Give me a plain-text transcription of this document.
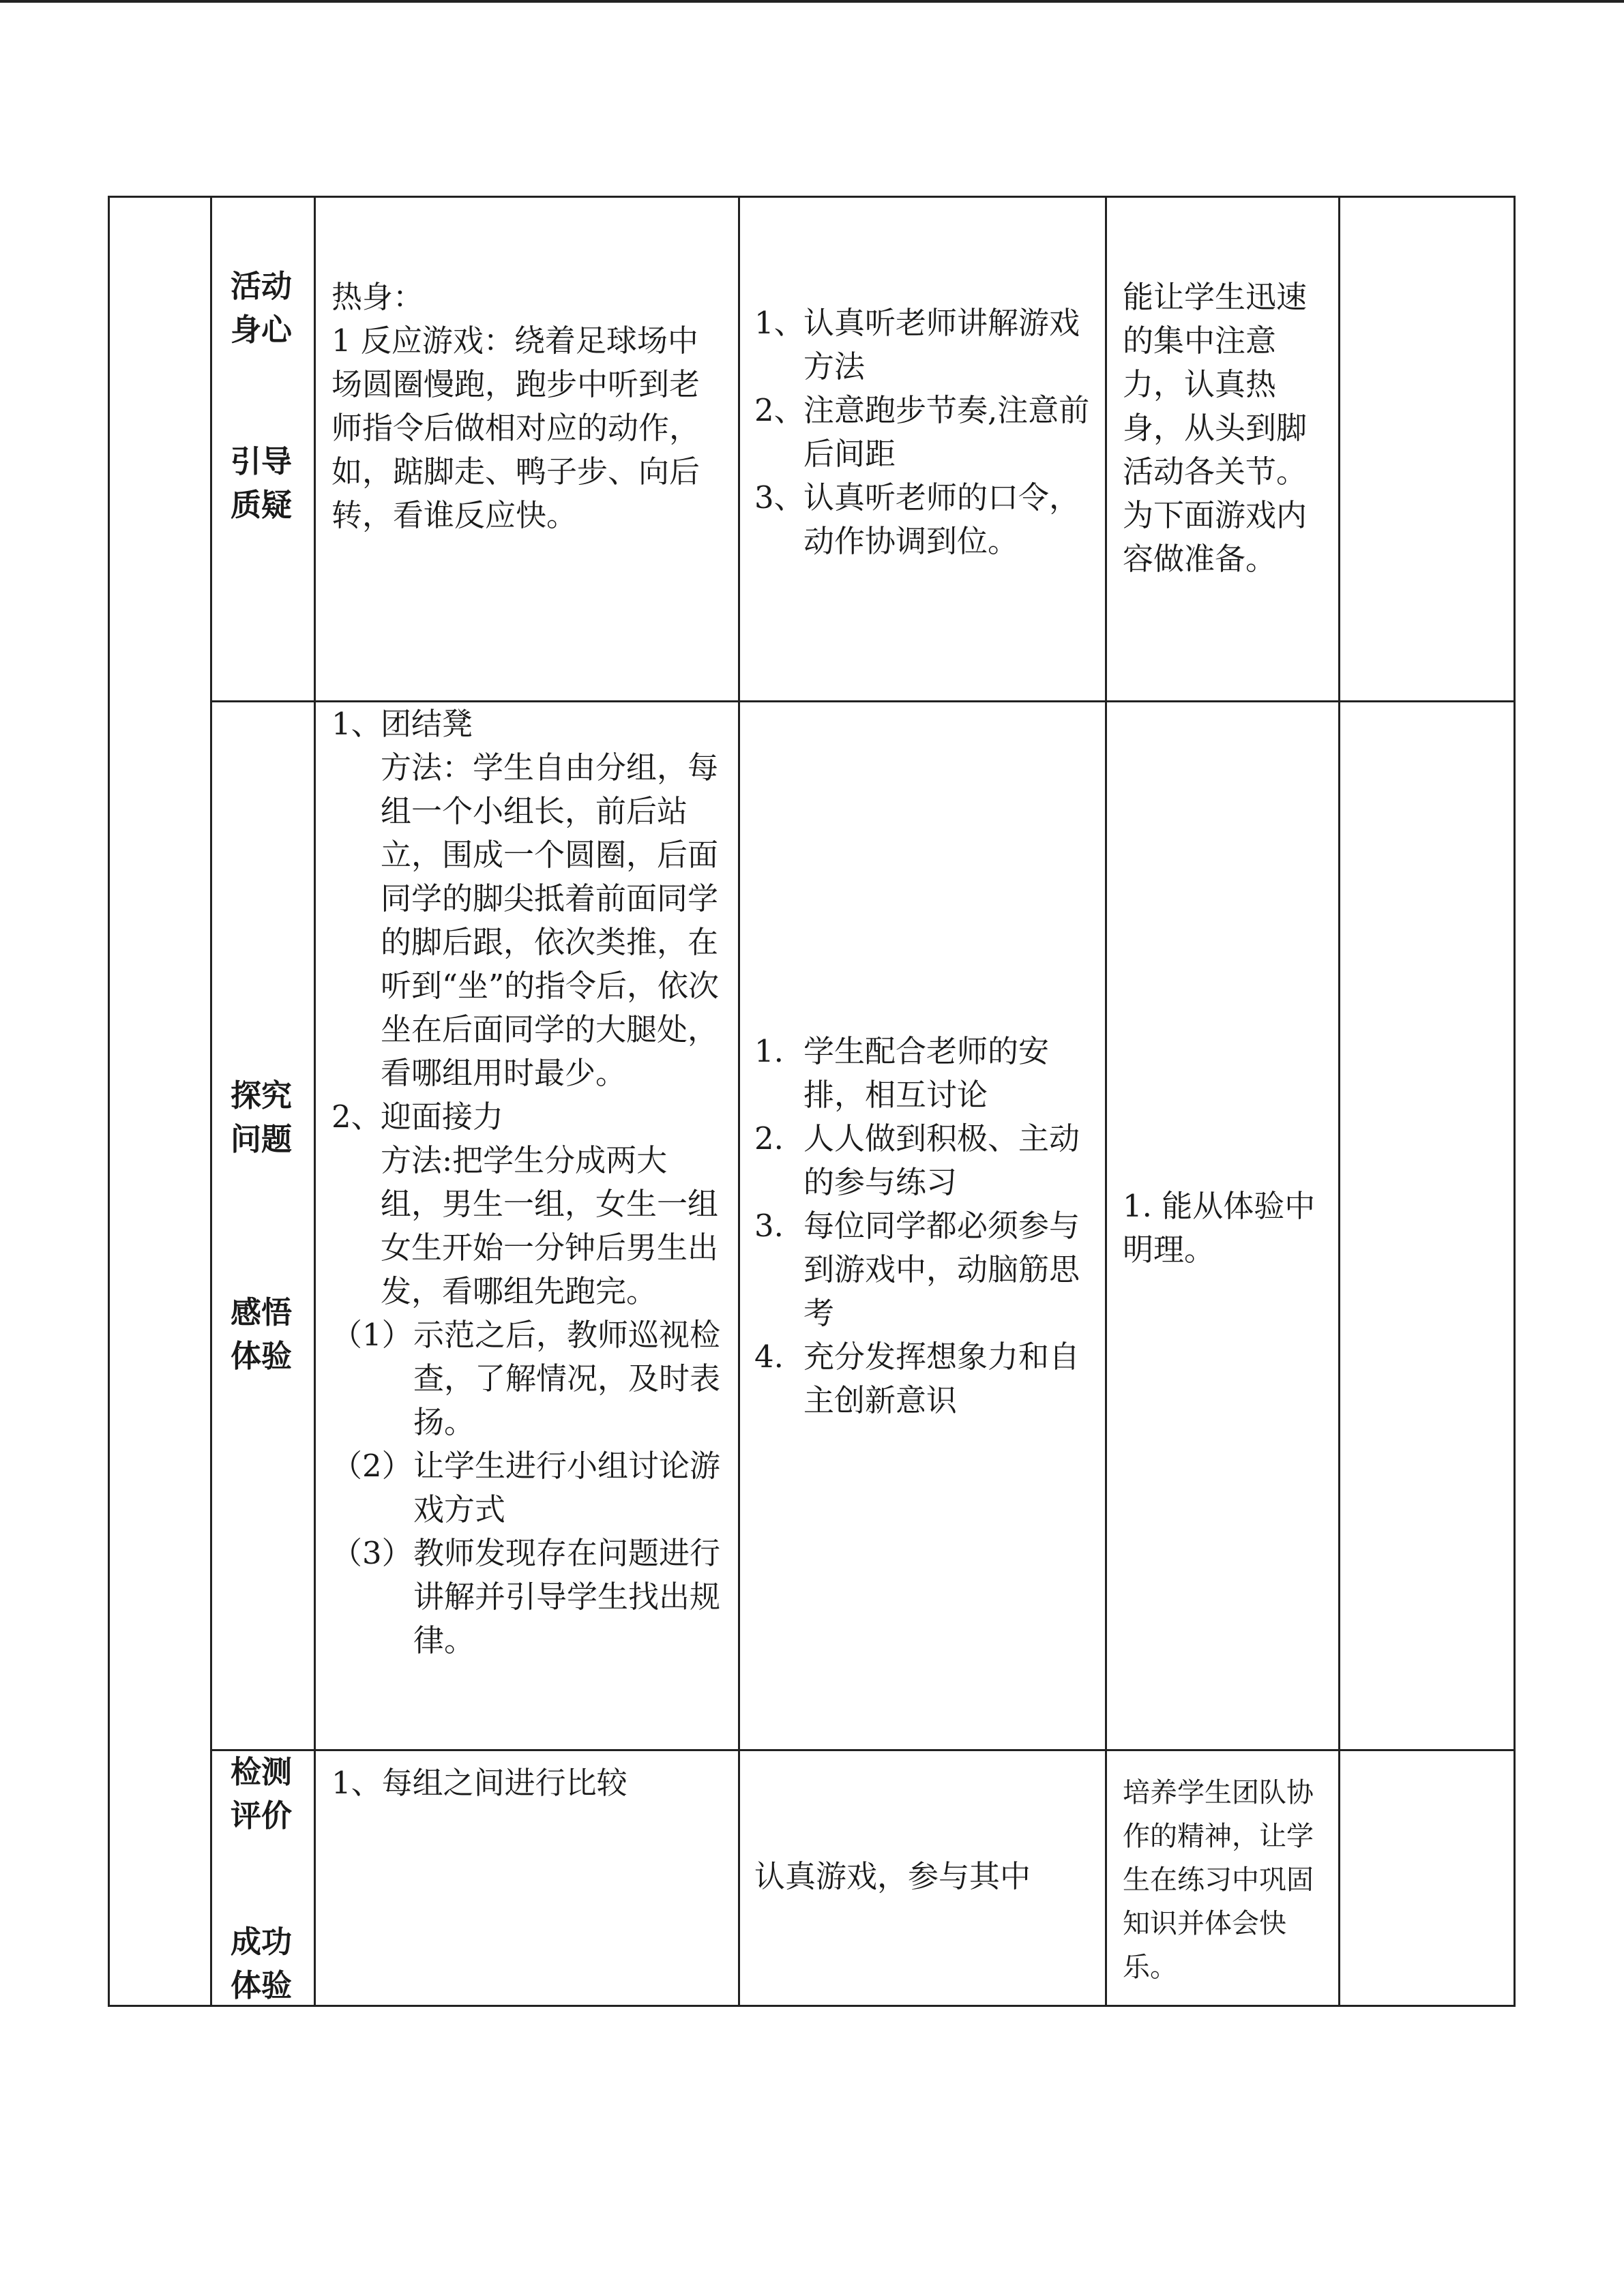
活动

身心

引导

质疑

热身：

1 反应游戏：绕着足球场中场圆圈慢跑，跑步中听到老师指令后做相对应的动作，如，踮脚走、鸭子步、向后转，看谁反应快。

1、
认真听老师讲解游戏方法
2、
注意跑步节奏,注意前后间距
3、
认真听老师的口令，动作协调到位。

能让学生迅速的集中注意力，认真热身，从头到脚活动各关节。为下面游戏内容做准备。

探究

问题

感悟

体验

1、
团结凳

方法：学生自由分组，每组一个小组长，前后站立，围成一个圆圈，后面同学的脚尖抵着前面同学的脚后跟，依次类推，在听到“坐”的指令后，依次坐在后面同学的大腿处，看哪组用时最少。

2、
迎面接力

方法:把学生分成两大组，男生一组，女生一组

女生开始一分钟后男生出发，看哪组先跑完。

（1） 示范之后，教师巡视检查，了解情况，及时表扬。
（2） 让学生进行小组讨论游戏方式
（3） 教师发现存在问题进行讲解并引导学生找出规律。
1. 学生配合老师的安排，相互讨论
2. 人人做到积极、主动的参与练习
3. 每位同学都必须参与到游戏中，动脑筋思考
4. 充分发挥想象力和自主创新意识

1. 能从体验中明理。

检测

评价

成功

体验

1、每组之间进行比较

认真游戏，参与其中

培养学生团队协作的精神，让学生在练习中巩固知识并体会快乐。
